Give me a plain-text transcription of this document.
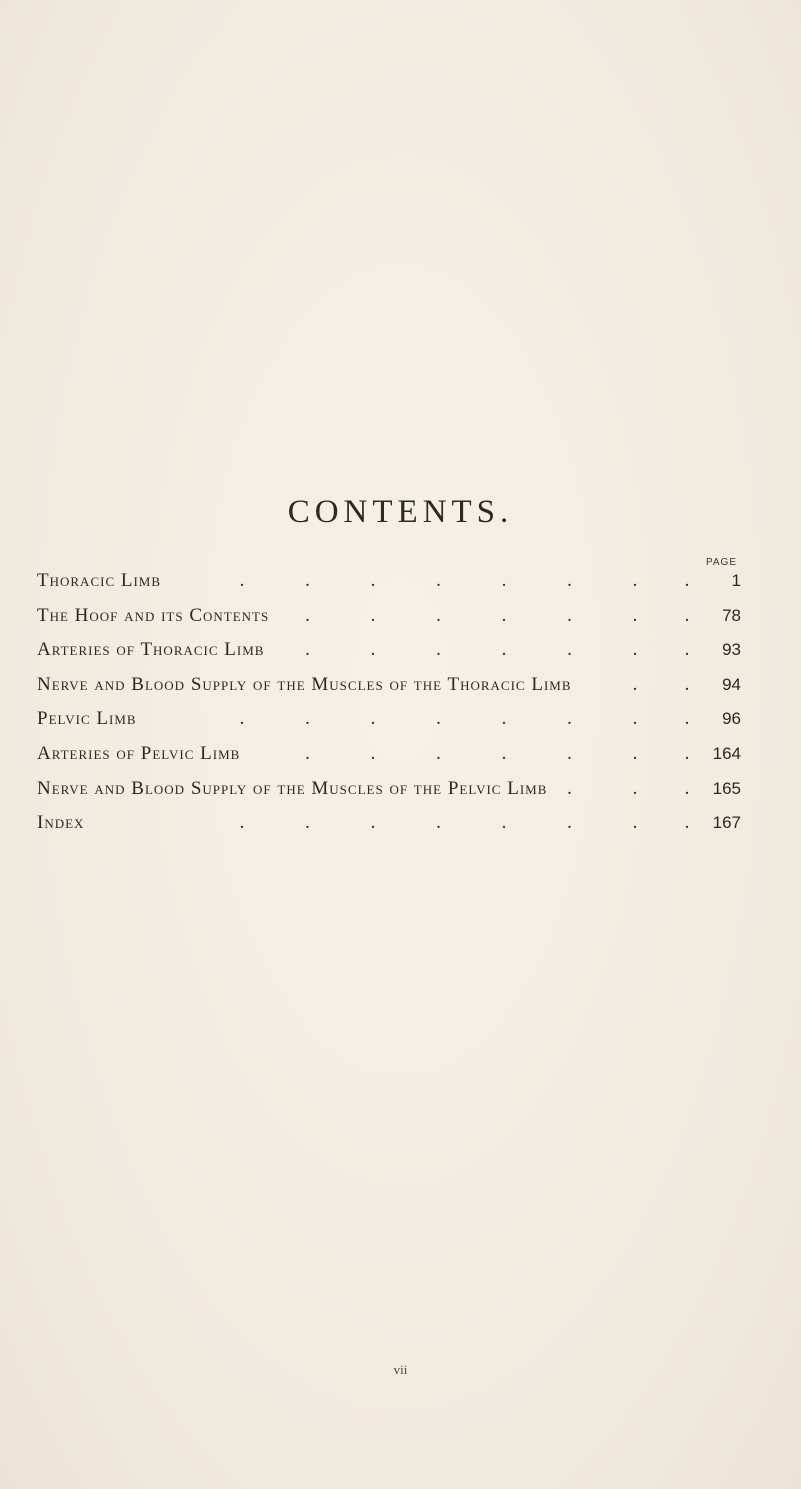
CONTENTS.
PAGE
Thoracic Limb	.	.	.	.	.	.	. .	1
The Hoof and its Contents .	.	.	.	.	. .	78
Arteries of Thoracic Limb .	.	.	.	.	. .	93
Nerve and Blood Supply of the Muscles of the Thoracic Limb	. .	94
Pelvic Limb	.	.	.	.	.	.	. .	96
Arteries of Pelvic Limb	.	.	.	.	.	. .	164
Nerve and Blood Supply of the Muscles of the Pelvic Limb .	. .	165
Index	.	.	.	.	.	.	. .	167
vii
